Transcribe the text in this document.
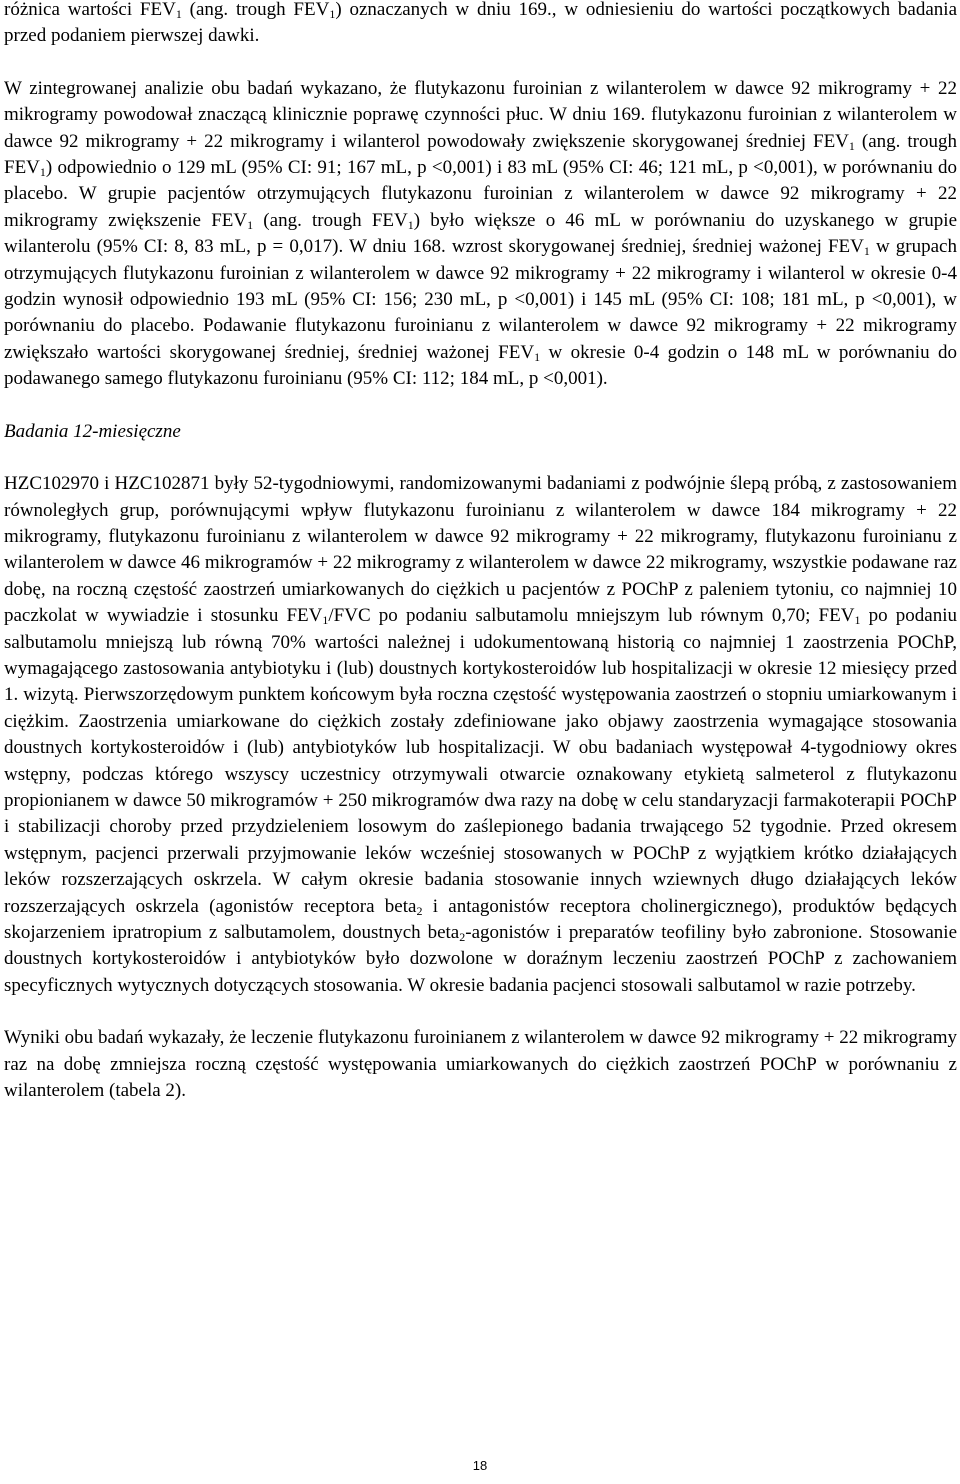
różnica wartości $FEV_1$ (ang. trough $FEV_1$) oznaczanych w dniu 169., w odniesieniu do wartości początkowych badania przed podaniem pierwszej dawki.

W zintegrowanej analizie obu badań wykazano, że flutykazonu furoinian z wilanterolem w dawce 92 mikrogramy + 22 mikrogramy powodował znaczącą klinicznie poprawę czynności płuc. W dniu 169. flutykazonu furoinian z wilanterolem w dawce 92 mikrogramy + 22 mikrogramy i wilanterol powodowały zwiększenie skorygowanej średniej $FEV_1$ (ang. trough $FEV_1$) odpowiednio o 129 mL (95% CI: 91; 167 mL, p <0,001) i 83 mL (95% CI: 46; 121 mL, p <0,001), w porównaniu do placebo. W grupie pacjentów otrzymujących flutykazonu furoinian z wilanterolem w dawce 92 mikrogramy + 22 mikrogramy zwiększenie $FEV_1$ (ang. trough $FEV_1$) było większe o 46 mL w porównaniu do uzyskanego w grupie wilanterolu (95% CI: 8, 83 mL, p = 0,017). W dniu 168. wzrost skorygowanej średniej, średniej ważonej $FEV_1$ w grupach otrzymujących flutykazonu furoinian z wilanterolem w dawce 92 mikrogramy + 22 mikrogramy i wilanterol w okresie 0-4 godzin wynosił odpowiednio 193 mL (95% CI: 156; 230 mL, p <0,001) i 145 mL (95% CI: 108; 181 mL, p <0,001), w porównaniu do placebo. Podawanie flutykazonu furoinianu z wilanterolem w dawce 92 mikrogramy + 22 mikrogramy zwiększało wartości skorygowanej średniej, średniej ważonej $FEV_1$ w okresie 0-4 godzin o 148 mL w porównaniu do podawanego samego flutykazonu furoinianu (95% CI: 112; 184 mL, p <0,001).

Badania 12-miesięczne

HZC102970 i HZC102871 były 52-tygodniowymi, randomizowanymi badaniami z podwójnie ślepą próbą, z zastosowaniem równoległych grup, porównującymi wpływ flutykazonu furoinianu z wilanterolem w dawce 184 mikrogramy + 22 mikrogramy, flutykazonu furoinianu z wilanterolem w dawce 92 mikrogramy + 22 mikrogramy, flutykazonu furoinianu z wilanterolem w dawce 46 mikrogramów + 22 mikrogramy z wilanterolem w dawce 22 mikrogramy, wszystkie podawane raz dobę, na roczną częstość zaostrzeń umiarkowanych do ciężkich u pacjentów z POChP z paleniem tytoniu, co najmniej 10 paczkolat w wywiadzie i stosunku $FEV_1$/FVC po podaniu salbutamolu mniejszym lub równym 0,70; $FEV_1$ po podaniu salbutamolu mniejszą lub równą 70% wartości należnej i udokumentowaną historią co najmniej 1 zaostrzenia POChP, wymagającego zastosowania antybiotyku i (lub) doustnych kortykosteroidów lub hospitalizacji w okresie 12 miesięcy przed 1. wizytą. Pierwszorzędowym punktem końcowym była roczna częstość występowania zaostrzeń o stopniu umiarkowanym i ciężkim. Zaostrzenia umiarkowane do ciężkich zostały zdefiniowane jako objawy zaostrzenia wymagające stosowania doustnych kortykosteroidów i (lub) antybiotyków lub hospitalizacji. W obu badaniach występował 4-tygodniowy okres wstępny, podczas którego wszyscy uczestnicy otrzymywali otwarcie oznakowany etykietą salmeterol z flutykazonu propionianem w dawce 50 mikrogramów + 250 mikrogramów dwa razy na dobę w celu standaryzacji farmakoterapii POChP i stabilizacji choroby przed przydzieleniem losowym do zaślepionego badania trwającego 52 tygodnie. Przed okresem wstępnym, pacjenci przerwali przyjmowanie leków wcześniej stosowanych w POChP z wyjątkiem krótko działających leków rozszerzających oskrzela. W całym okresie badania stosowanie innych wziewnych długo działających leków rozszerzających oskrzela (agonistów receptora beta$_2$ i antagonistów receptora cholinergicznego), produktów będących skojarzeniem ipratropium z salbutamolem, doustnych beta$_2$-agonistów i preparatów teofiliny było zabronione. Stosowanie doustnych kortykosteroidów i antybiotyków było dozwolone w doraźnym leczeniu zaostrzeń POChP z zachowaniem specyficznych wytycznych dotyczących stosowania. W okresie badania pacjenci stosowali salbutamol w razie potrzeby.

Wyniki obu badań wykazały, że leczenie flutykazonu furoinianem z wilanterolem w dawce 92 mikrogramy + 22 mikrogramy raz na dobę zmniejsza roczną częstość występowania umiarkowanych do ciężkich zaostrzeń POChP w porównaniu z wilanterolem (tabela 2).

18
